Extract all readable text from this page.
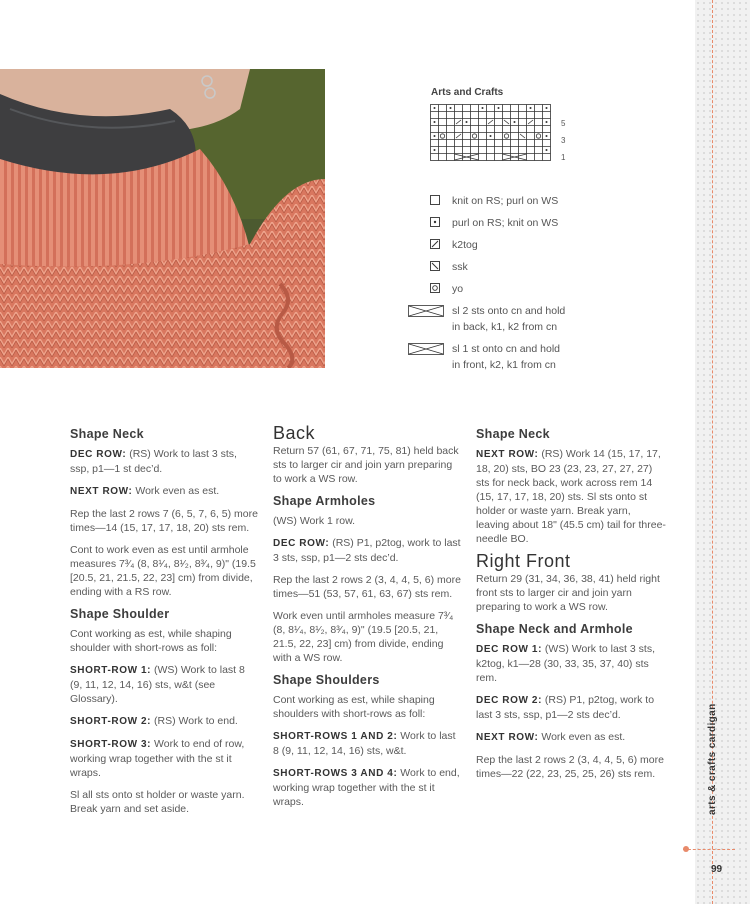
arts & crafts cardigan
99
Arts and Crafts
5
3
1
knit on RS; purl on WS
purl on RS; knit on WS
k2tog
ssk
yo
sl 2 sts onto cn and hold
in back, k1, k2 from cn
sl 1 st onto cn and hold
in front, k2, k1 from cn
Shape Neck

DEC ROW: (RS) Work to last 3 sts, ssp, p1—1 st dec’d.

NEXT ROW: Work even as est.

Rep the last 2 rows 7 (6, 5, 7, 6, 5) more times—14 (15, 17, 17, 18, 20) sts rem.

Cont to work even as est until armhole measures 7³⁄₄ (8, 8¹⁄₄, 8¹⁄₂, 8³⁄₄, 9)" (19.5 [20.5, 21, 21.5, 22, 23] cm) from divide, ending with a RS row.

Shape Shoulder

Cont working as est, while shaping shoulder with short-rows as foll:

SHORT-ROW 1: (WS) Work to last 8 (9, 11, 12, 14, 16) sts, w&t (see Glossary).

SHORT-ROW 2: (RS) Work to end.

SHORT-ROW 3: Work to end of row, working wrap together with the st it wraps.

Sl all sts onto st holder or waste yarn. Break yarn and set aside.

Back

Return 57 (61, 67, 71, 75, 81) held back sts to larger cir and join yarn preparing to work a WS row.

Shape Armholes

(WS) Work 1 row.

DEC ROW: (RS) P1, p2tog, work to last 3 sts, ssp, p1—2 sts dec’d.

Rep the last 2 rows 2 (3, 4, 4, 5, 6) more times—51 (53, 57, 61, 63, 67) sts rem.

Work even until armholes measure 7³⁄₄ (8, 8¹⁄₄, 8¹⁄₂, 8³⁄₄, 9)" (19.5 [20.5, 21, 21.5, 22, 23] cm) from divide, ending with a WS row.

Shape Shoulders

Cont working as est, while shaping shoulders with short-rows as foll:

SHORT-ROWS 1 AND 2: Work to last 8 (9, 11, 12, 14, 16) sts, w&t.

SHORT-ROWS 3 AND 4: Work to end, working wrap together with the st it wraps.

Shape Neck

NEXT ROW: (RS) Work 14 (15, 17, 17, 18, 20) sts, BO 23 (23, 23, 27, 27, 27) sts for neck back, work across rem 14 (15, 17, 17, 18, 20) sts. Sl sts onto st holder or waste yarn. Break yarn, leaving about 18" (45.5 cm) tail for three-needle BO.

Right Front

Return 29 (31, 34, 36, 38, 41) held right front sts to larger cir and join yarn preparing to work a WS row.

Shape Neck and Armhole

DEC ROW 1: (WS) Work to last 3 sts, k2tog, k1—28 (30, 33, 35, 37, 40) sts rem.

DEC ROW 2: (RS) P1, p2tog, work to last 3 sts, ssp, p1—2 sts dec’d.

NEXT ROW: Work even as est.

Rep the last 2 rows 2 (3, 4, 4, 5, 6) more times—22 (22, 23, 25, 25, 26) sts rem.
